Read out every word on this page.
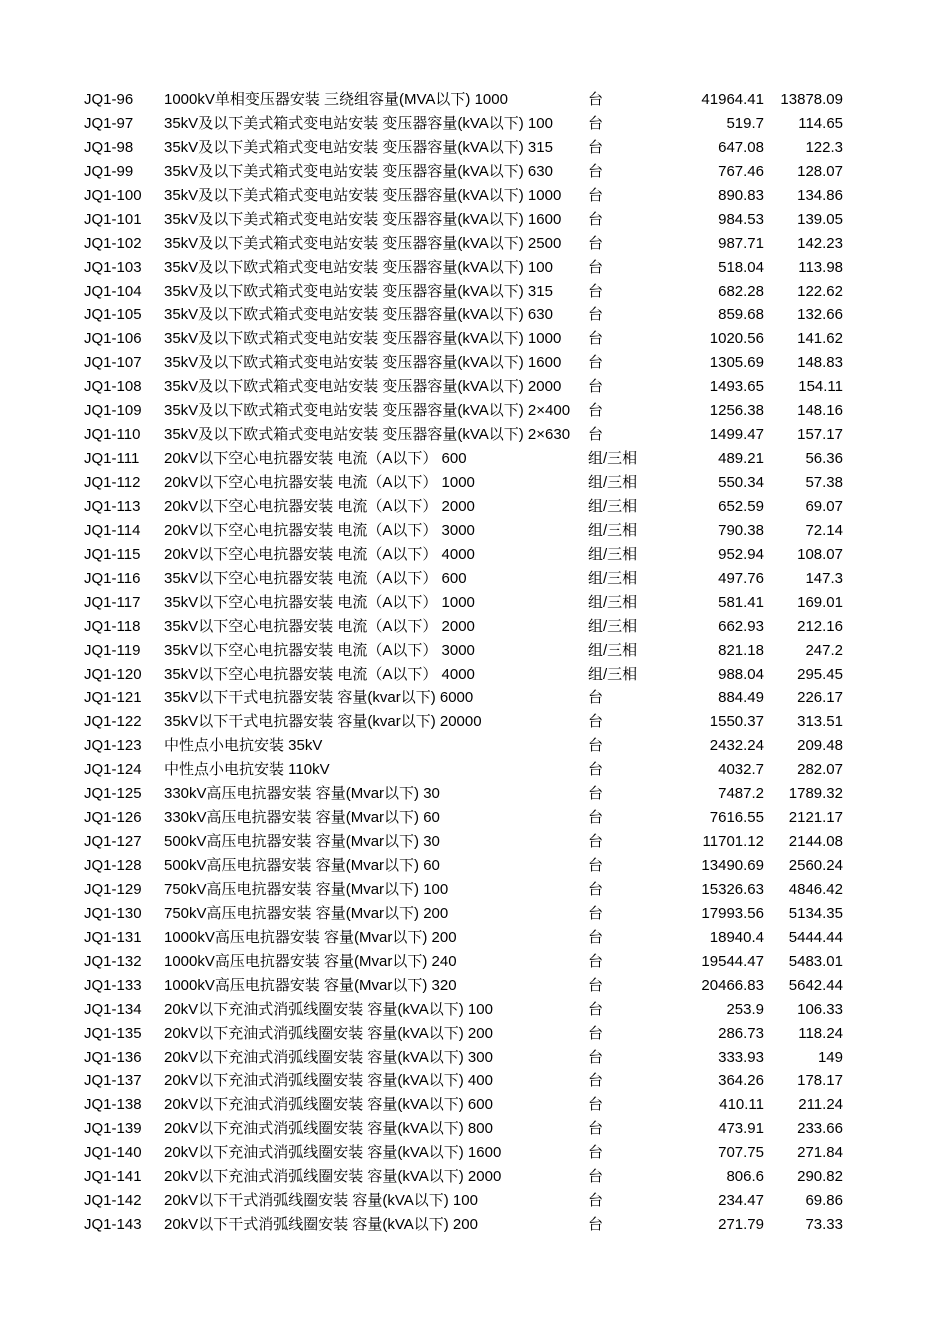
JQ1-96 1000kV单相变压器安装 三绕组容量(MVA以下) 1000	台	41964.41 13878.09
JQ1-97 35kV及以下美式箱式变电站安装 变压器容量(kVA以下) 100 台	519.7 114.65
JQ1-98 35kV及以下美式箱式变电站安装 变压器容量(kVA以下) 315 台	647.08	122.3
JQ1-99 35kV及以下美式箱式变电站安装 变压器容量(kVA以下) 630 台	767.46 128.07
JQ1-100 35kV及以下美式箱式变电站安装 变压器容量(kVA以下) 1000 台	890.83 134.86
JQ1-101 35kV及以下美式箱式变电站安装 变压器容量(kVA以下) 1600 台	984.53 139.05
JQ1-102 35kV及以下美式箱式变电站安装 变压器容量(kVA以下) 2500 台	987.71 142.23
JQ1-103 35kV及以下欧式箱式变电站安装 变压器容量(kVA以下) 100 台	518.04 113.98
JQ1-104 35kV及以下欧式箱式变电站安装 变压器容量(kVA以下) 315 台	682.28 122.62
JQ1-105 35kV及以下欧式箱式变电站安装 变压器容量(kVA以下) 630 台	859.68 132.66
JQ1-106 35kV及以下欧式箱式变电站安装 变压器容量(kVA以下) 1000 台	1020.56 141.62
JQ1-107 35kV及以下欧式箱式变电站安装 变压器容量(kVA以下) 1600 台	1305.69 148.83
JQ1-108 35kV及以下欧式箱式变电站安装 变压器容量(kVA以下) 2000 台	1493.65 154.11
JQ1-109 35kV及以下欧式箱式变电站安装 变压器容量(kVA以下) 2×400 台	1256.38 148.16
JQ1-110 35kV及以下欧式箱式变电站安装 变压器容量(kVA以下) 2×630 台	1499.47 157.17
JQ1-111 20kV以下空心电抗器安装 电流（A以下） 600	组/三相	489.21	56.36
JQ1-112 20kV以下空心电抗器安装 电流（A以下） 1000	组/三相	550.34	57.38
JQ1-113 20kV以下空心电抗器安装 电流（A以下） 2000	组/三相	652.59	69.07
JQ1-114 20kV以下空心电抗器安装 电流（A以下） 3000	组/三相	790.38	72.14
JQ1-115 20kV以下空心电抗器安装 电流（A以下） 4000	组/三相	952.94 108.07
JQ1-116 35kV以下空心电抗器安装 电流（A以下） 600	组/三相	497.76	147.3
JQ1-117 35kV以下空心电抗器安装 电流（A以下） 1000	组/三相	581.41 169.01
JQ1-118 35kV以下空心电抗器安装 电流（A以下） 2000	组/三相	662.93 212.16
JQ1-119 35kV以下空心电抗器安装 电流（A以下） 3000	组/三相	821.18	247.2
JQ1-120 35kV以下空心电抗器安装 电流（A以下） 4000	组/三相	988.04 295.45
JQ1-121 35kV以下干式电抗器安装 容量(kvar以下) 6000	台	884.49 226.17
JQ1-122 35kV以下干式电抗器安装 容量(kvar以下) 20000	台	1550.37 313.51
JQ1-123 中性点小电抗安装 35kV	台	2432.24 209.48
JQ1-124 中性点小电抗安装 110kV	台	4032.7 282.07
JQ1-125 330kV高压电抗器安装 容量(Mvar以下) 30	台	7487.2 1789.32
JQ1-126 330kV高压电抗器安装 容量(Mvar以下) 60	台	7616.55 2121.17
JQ1-127 500kV高压电抗器安装 容量(Mvar以下) 30	台	11701.12 2144.08
JQ1-128 500kV高压电抗器安装 容量(Mvar以下) 60	台	13490.69 2560.24
JQ1-129 750kV高压电抗器安装 容量(Mvar以下) 100	台	15326.63 4846.42
JQ1-130 750kV高压电抗器安装 容量(Mvar以下) 200	台	17993.56 5134.35
JQ1-131 1000kV高压电抗器安装 容量(Mvar以下) 200	台	18940.4 5444.44
JQ1-132 1000kV高压电抗器安装 容量(Mvar以下) 240	台	19544.47 5483.01
JQ1-133 1000kV高压电抗器安装 容量(Mvar以下) 320	台	20466.83 5642.44
JQ1-134 20kV以下充油式消弧线圈安装 容量(kVA以下) 100	台	253.9 106.33
JQ1-135 20kV以下充油式消弧线圈安装 容量(kVA以下) 200	台	286.73 118.24
JQ1-136 20kV以下充油式消弧线圈安装 容量(kVA以下) 300	台	333.93	149
JQ1-137 20kV以下充油式消弧线圈安装 容量(kVA以下) 400	台	364.26 178.17
JQ1-138 20kV以下充油式消弧线圈安装 容量(kVA以下) 600	台	410.11 211.24
JQ1-139 20kV以下充油式消弧线圈安装 容量(kVA以下) 800	台	473.91 233.66
JQ1-140 20kV以下充油式消弧线圈安装 容量(kVA以下) 1600	台	707.75 271.84
JQ1-141 20kV以下充油式消弧线圈安装 容量(kVA以下) 2000	台	806.6 290.82
JQ1-142 20kV以下干式消弧线圈安装 容量(kVA以下) 100	台	234.47	69.86
JQ1-143 20kV以下干式消弧线圈安装 容量(kVA以下) 200	台	271.79	73.33
